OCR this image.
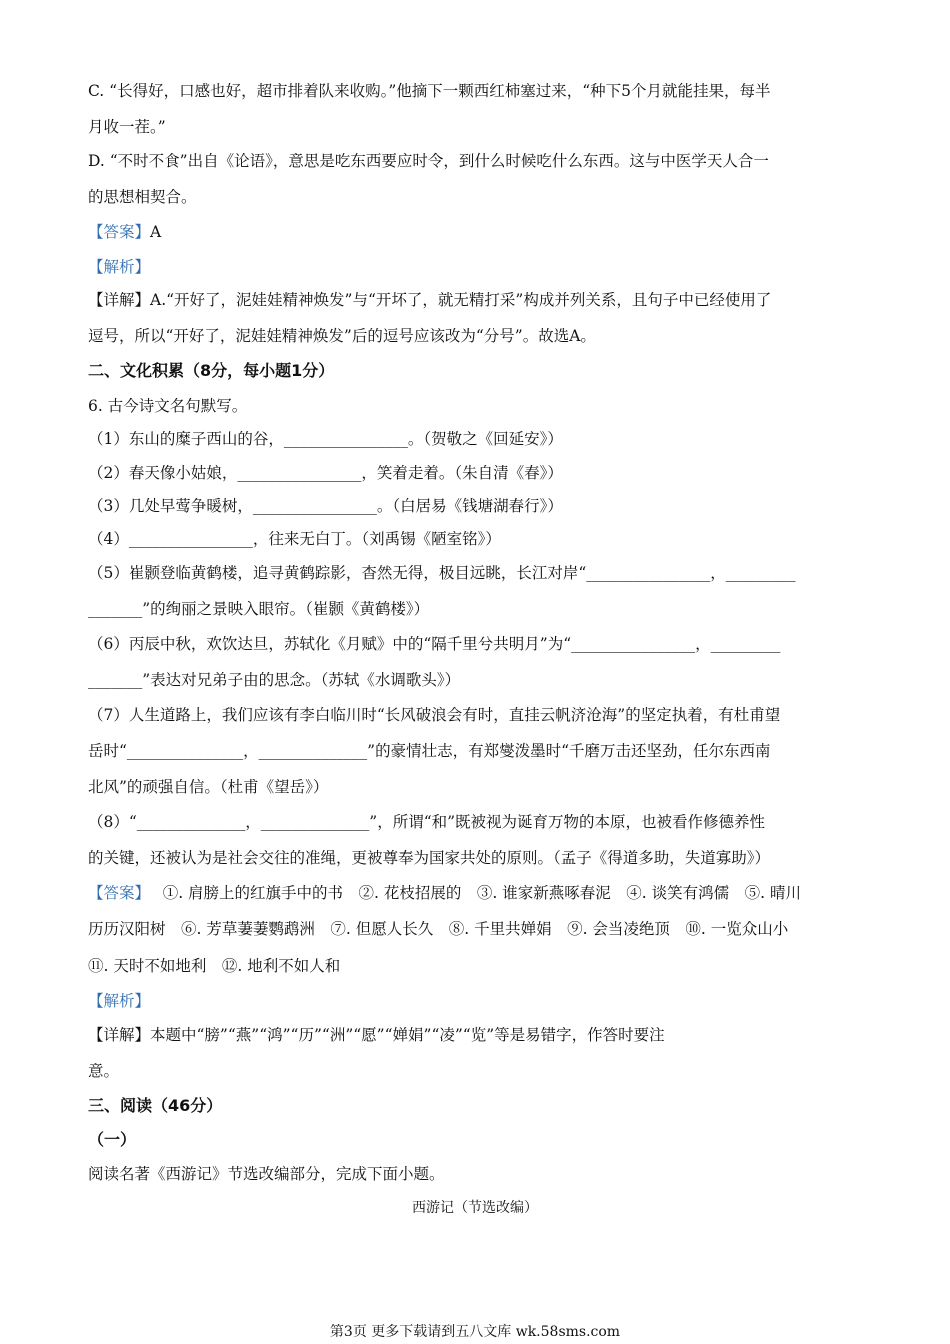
C. “长得好，口感也好，超市排着队来收购。”他摘下一颗西红柿塞过来，“种下5个月就能挂果，每半
月收一茬。”
D. “不时不食”出自《论语》，意思是吃东西要应时令，到什么时候吃什么东西。这与中医学天人合一
的思想相契合。
【答案】A
【解析】
【详解】A.“开好了，泥娃娃精神焕发”与“开坏了，就无精打采”构成并列关系，且句子中已经使用了
逗号，所以“开好了，泥娃娃精神焕发”后的逗号应该改为“分号”。故选A。
二、文化积累（8分，每小题1分）
6. 古今诗文名句默写。
（1）东山的糜子西山的谷，________________。（贺敬之《回延安》）
（2）春天像小姑娘，________________，笑着走着。（朱自清《春》）
（3）几处早莺争暖树，________________。（白居易《钱塘湖春行》）
（4）________________，往来无白丁。（刘禹锡《陋室铭》）
（5）崔颢登临黄鹤楼，追寻黄鹤踪影，杳然无得，极目远眺，长江对岸“________________，_________
_______”的绚丽之景映入眼帘。（崔颢《黄鹤楼》）
（6）丙辰中秋，欢饮达旦，苏轼化《月赋》中的“隔千里兮共明月”为“________________，_________
_______”表达对兄弟子由的思念。（苏轼《水调歌头》）
（7）人生道路上，我们应该有李白临川时“长风破浪会有时，直挂云帆济沧海”的坚定执着，有杜甫望
岳时“_______________，______________”的豪情壮志，有郑燮泼墨时“千磨万击还坚劲，任尔东西南
北风”的顽强自信。（杜甫《望岳》）
（8）“______________，______________”，所谓“和”既被视为诞育万物的本原，也被看作修德养性
的关键，还被认为是社会交往的准绳，更被尊奉为国家共处的原则。（孟子《得道多助，失道寡助》）
【答案】　 ①. 肩膀上的红旗手中的书　②. 花枝招展的　③. 谁家新燕啄春泥　④. 谈笑有鸿儒　⑤. 晴川
历历汉阳树　⑥. 芳草萋萋鹦鹉洲　⑦. 但愿人长久　⑧. 千里共婵娟　⑨. 会当凌绝顶　⑩. 一览众山小
⑪. 天时不如地利　⑫. 地利不如人和
【解析】
【详解】本题中“膀”“燕”“鸿”“历”“洲”“愿”“婵娟”“凌”“览”等是易错字，作答时要注
意。
三、阅读（46分）
（一）
阅读名著《西游记》节选改编部分，完成下面小题。
西游记（节选改编）
第3页 更多下载请到五八文库 wk.58sms.com
